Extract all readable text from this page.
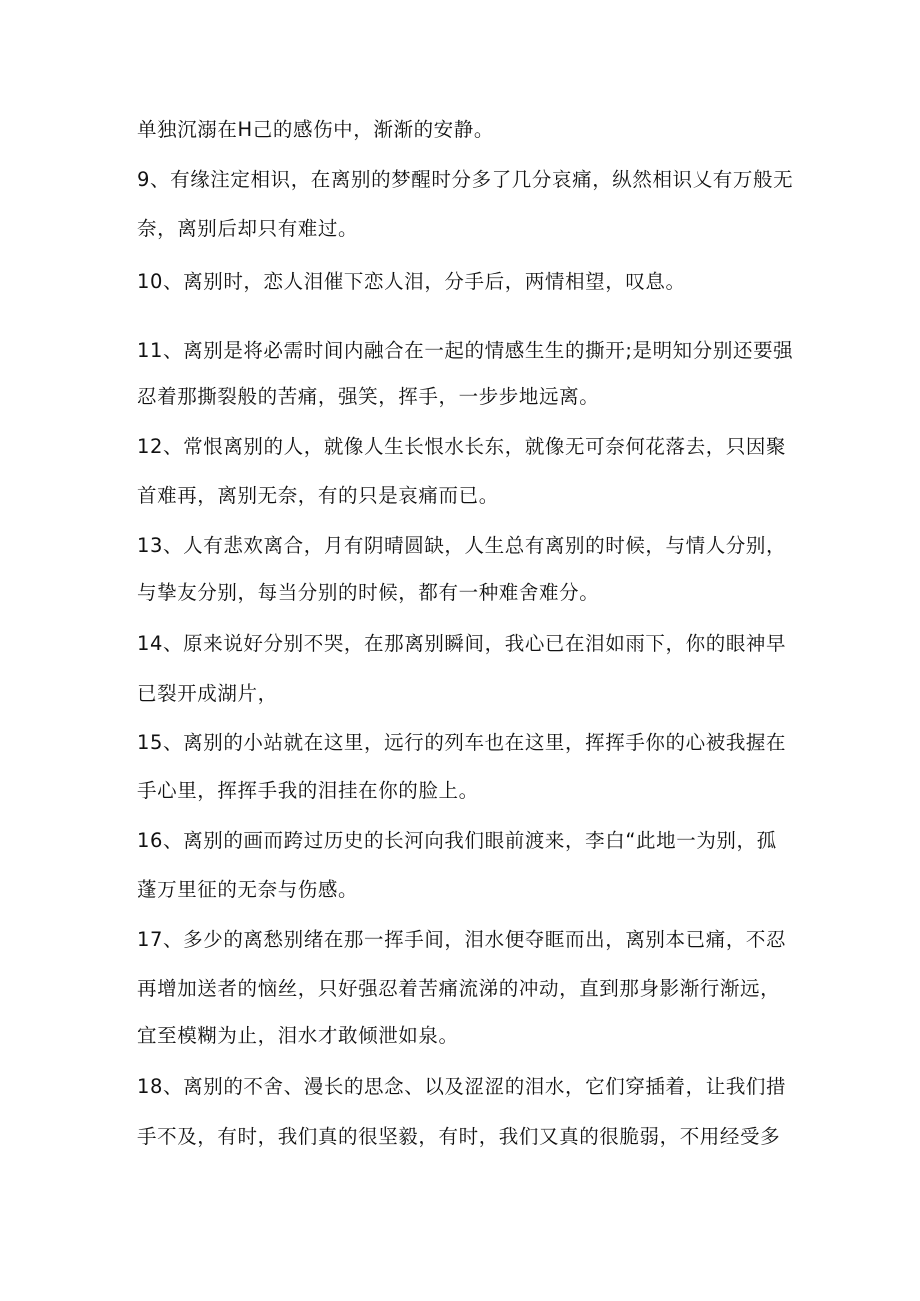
单独沉溺在H己的感伤中，渐渐的安静。
9、有缘注定相识，在离别的梦醒时分多了几分哀痛，纵然相识乂有万般无
奈，离别后却只有难过。
10、离别时，恋人泪催下恋人泪，分手后，两情相望，叹息。
11、离别是将必需时间内融合在一起的情感生生的撕开;是明知分别还要强
忍着那撕裂般的苦痛，强笑，挥手，一步步地远离。
12、常恨离别的人，就像人生长恨水长东，就像无可奈何花落去，只因聚
首难再，离别无奈，有的只是哀痛而已。
13、人有悲欢离合，月有阴晴圆缺，人生总有离别的时候，与情人分别，
与挚友分别，每当分别的时候，都有一种难舍难分。
14、原来说好分别不哭，在那离别瞬间，我心已在泪如雨下，你的眼神早
已裂开成湖片，
15、离别的小站就在这里，远行的列车也在这里，挥挥手你的心被我握在
手心里，挥挥手我的泪挂在你的脸上。
16、离别的画而跨过历史的长河向我们眼前渡来，李白“此地一为别，孤
蓬万里征的无奈与伤感。
17、多少的离愁别绪在那一挥手间，泪水便夺眶而出，离别本已痛，不忍
再增加送者的恼丝，只好强忍着苦痛流涕的冲动，直到那身影渐行渐远，
宜至模糊为止，泪水才敢倾泄如泉。
18、离别的不舍、漫长的思念、以及涩涩的泪水，它们穿插着，让我们措
手不及，有时，我们真的很坚毅，有时，我们又真的很脆弱，不用经受多
